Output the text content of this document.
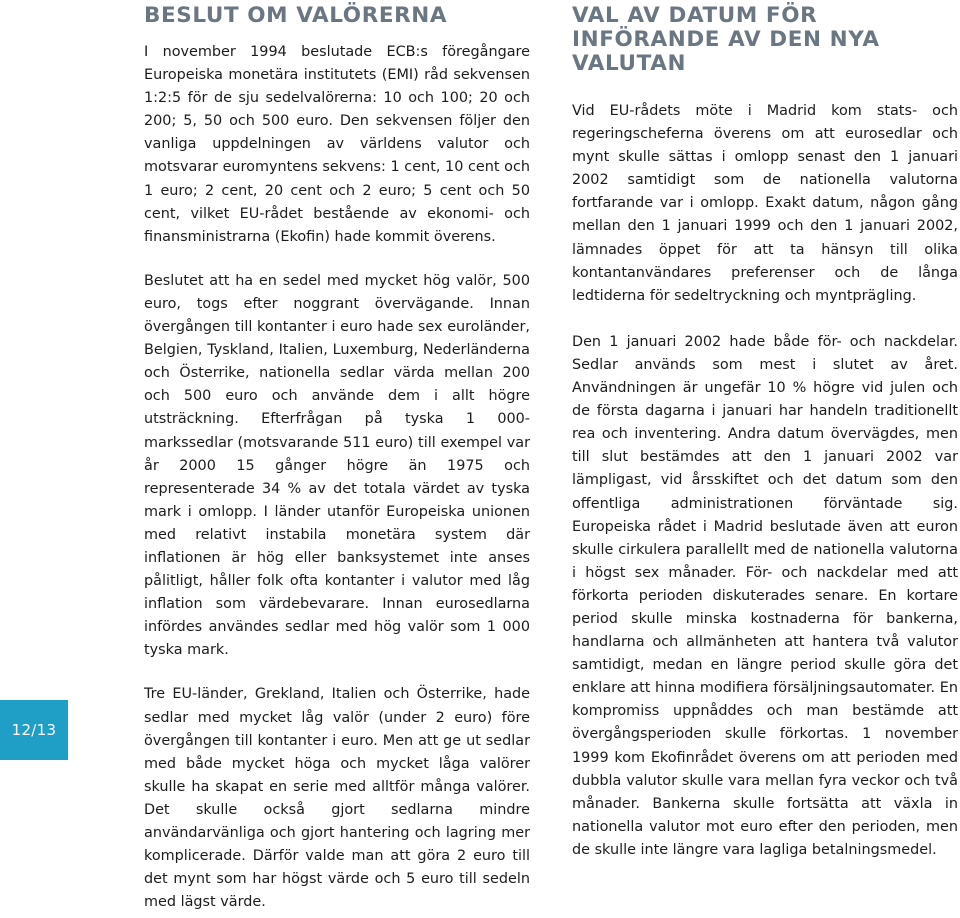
12/13
BESLUT OM VALÖRERNA

I november 1994 beslutade ECB:s föregångare Europeiska monetära institutets (EMI) råd sekvensen 1:2:5 för de sju sedelvalörerna: 10 och 100; 20 och 200; 5, 50 och 500 euro. Den sekvensen följer den vanliga uppdelningen av världens valutor och motsvarar euromyntens sekvens: 1 cent, 10 cent och 1 euro; 2 cent, 20 cent och 2 euro; 5 cent och 50 cent, vilket EU-rådet bestående av ekonomi- och finansministrarna (Ekofin) hade kommit överens.

Beslutet att ha en sedel med mycket hög valör, 500 euro, togs efter noggrant övervägande. Innan övergången till kontanter i euro hade sex euroländer, Belgien, Tyskland, Italien, Luxemburg, Nederländerna och Österrike, nationella sedlar värda mellan 200 och 500 euro och använde dem i allt högre utsträckning. Efterfrågan på tyska 1 000-markssedlar (motsvarande 511 euro) till exempel var år 2000 15 gånger högre än 1975 och representerade 34 % av det totala värdet av tyska mark i omlopp. I länder utanför Europeiska unionen med relativt instabila monetära system där inflationen är hög eller banksystemet inte anses pålitligt, håller folk ofta kontanter i valutor med låg inflation som värdebevarare. Innan eurosedlarna infördes användes sedlar med hög valör som 1 000 tyska mark.

Tre EU-länder, Grekland, Italien och Österrike, hade sedlar med mycket låg valör (under 2 euro) före övergången till kontanter i euro. Men att ge ut sedlar med både mycket höga och mycket låga valörer skulle ha skapat en serie med alltför många valörer. Det skulle också gjort sedlarna mindre användarvänliga och gjort hantering och lagring mer komplicerade. Därför valde man att göra 2 euro till det mynt som har högst värde och 5 euro till sedeln med lägst värde.

VAL AV DATUM FÖR INFÖRANDE AV DEN NYA VALUTAN

Vid EU-rådets möte i Madrid kom stats- och regeringscheferna överens om att eurosedlar och mynt skulle sättas i omlopp senast den 1 januari 2002 samtidigt som de nationella valutorna fortfarande var i omlopp. Exakt datum, någon gång mellan den 1 januari 1999 och den 1 januari 2002, lämnades öppet för att ta hänsyn till olika kontantanvändares preferenser och de långa ledtiderna för sedeltryckning och myntprägling.

Den 1 januari 2002 hade både för- och nackdelar. Sedlar används som mest i slutet av året. Användningen är ungefär 10 % högre vid julen och de första dagarna i januari har handeln traditionellt rea och inventering. Andra datum övervägdes, men till slut bestämdes att den 1 januari 2002 var lämpligast, vid årsskiftet och det datum som den offentliga administrationen förväntade sig. Europeiska rådet i Madrid beslutade även att euron skulle cirkulera parallellt med de nationella valutorna i högst sex månader. För- och nackdelar med att förkorta perioden diskuterades senare. En kortare period skulle minska kostnaderna för bankerna, handlarna och allmänheten att hantera två valutor samtidigt, medan en längre period skulle göra det enklare att hinna modifiera försäljningsautomater. En kompromiss uppnåddes och man bestämde att övergångsperioden skulle förkortas. 1 november 1999 kom Ekofinrådet överens om att perioden med dubbla valutor skulle vara mellan fyra veckor och två månader. Bankerna skulle fortsätta att växla in nationella valutor mot euro efter den perioden, men de skulle inte längre vara lagliga betalningsmedel.
